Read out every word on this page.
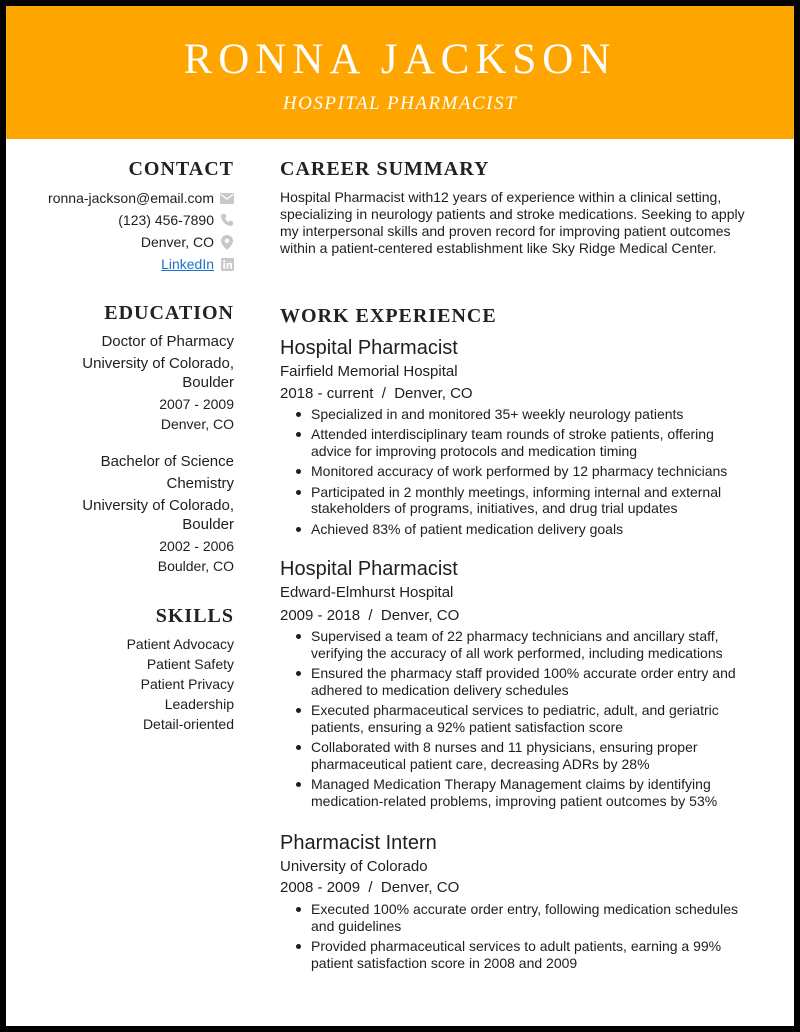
RONNA JACKSON
HOSPITAL PHARMACIST
CONTACT
ronna-jackson@email.com
(123) 456-7890
Denver, CO
LinkedIn
EDUCATION
Doctor of Pharmacy
University of Colorado,
Boulder
2007 - 2009
Denver, CO
Bachelor of Science
Chemistry
University of Colorado,
Boulder
2002 - 2006
Boulder, CO
SKILLS
Patient Advocacy
Patient Safety
Patient Privacy
Leadership
Detail-oriented
CAREER SUMMARY
Hospital Pharmacist with12 years of experience within a clinical setting, specializing in neurology patients and stroke medications. Seeking to apply my interpersonal skills and proven record for improving patient outcomes within a patient-centered establishment like Sky Ridge Medical Center.
WORK EXPERIENCE
Hospital Pharmacist
Fairfield Memorial Hospital
2018 - current  /  Denver, CO
Specialized in and monitored 35+ weekly neurology patients
Attended interdisciplinary team rounds of stroke patients, offering advice for improving protocols and medication timing
Monitored accuracy of work performed by 12 pharmacy technicians
Participated in 2 monthly meetings, informing internal and external stakeholders of programs, initiatives, and drug trial updates
Achieved 83% of patient medication delivery goals
Hospital Pharmacist
Edward-Elmhurst Hospital
2009 - 2018  /  Denver, CO
Supervised a team of 22 pharmacy technicians and ancillary staff, verifying the accuracy of all work performed, including medications
Ensured the pharmacy staff provided 100% accurate order entry and adhered to medication delivery schedules
Executed pharmaceutical services to pediatric, adult, and geriatric patients, ensuring a 92% patient satisfaction score
Collaborated with 8 nurses and 11 physicians, ensuring proper pharmaceutical patient care, decreasing ADRs by 28%
Managed Medication Therapy Management claims by identifying medication-related problems, improving patient outcomes by 53%
Pharmacist Intern
University of Colorado
2008 - 2009  /  Denver, CO
Executed 100% accurate order entry, following medication schedules and guidelines
Provided pharmaceutical services to adult patients, earning a 99% patient satisfaction score in 2008 and 2009
